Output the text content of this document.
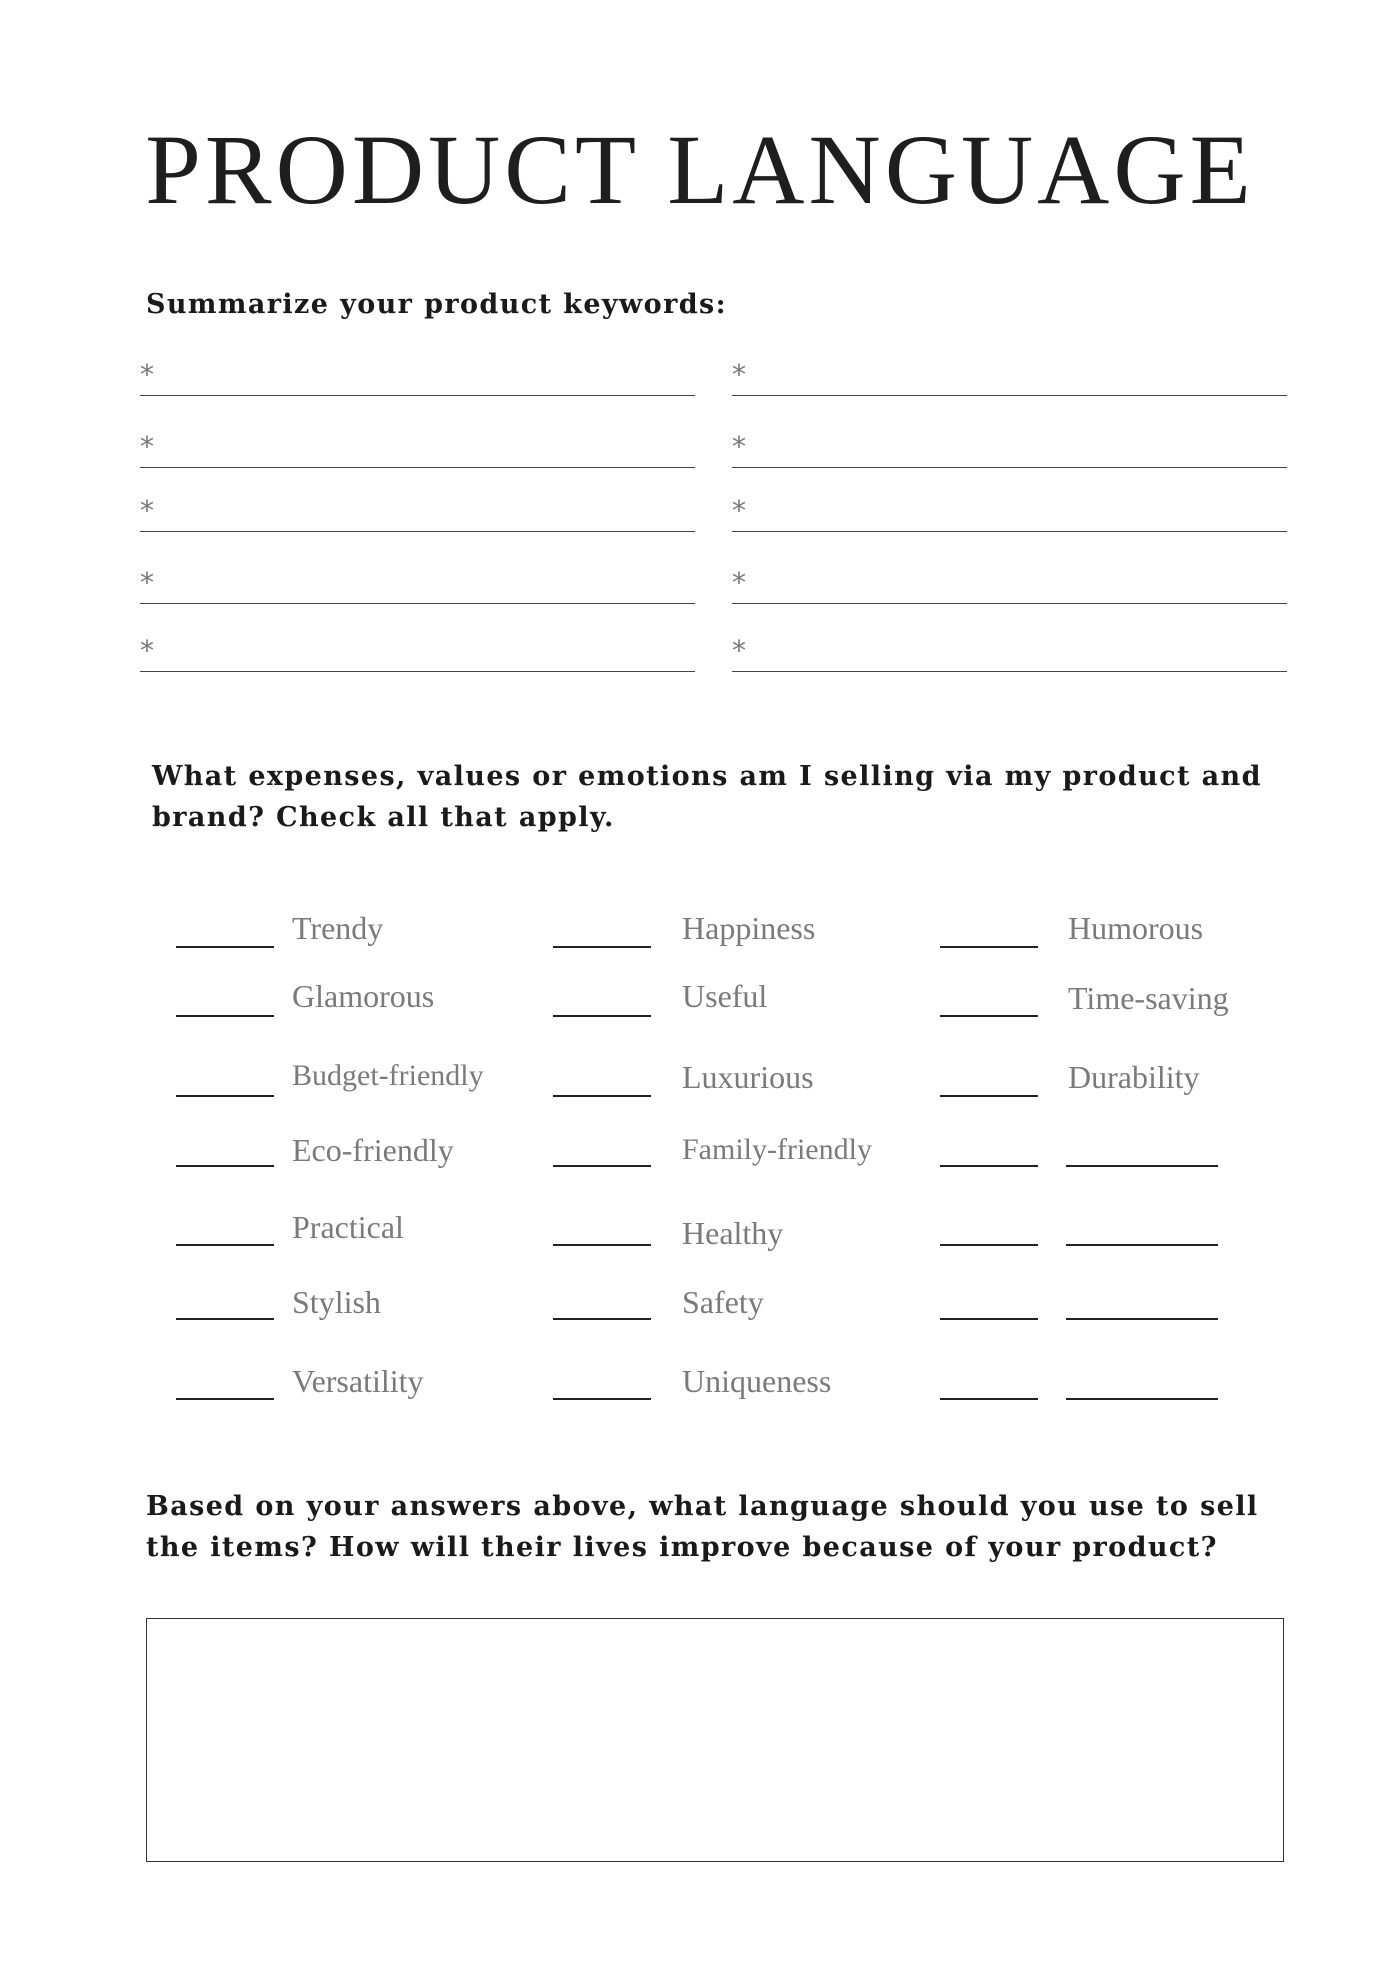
PRODUCT LANGUAGE

Summarize your product keywords:

*
*
*
*
*
*
*
*
*
*

What expenses, values or emotions am I selling via my product and brand? Check all that apply.

Trendy
Glamorous
Budget-friendly
Eco-friendly
Practical
Stylish
Versatility
Happiness
Useful
Luxurious
Family-friendly
Healthy
Safety
Uniqueness
Humorous
Time-saving
Durability

Based on your answers above, what language should you use to sell the items? How will their lives improve because of your product?
